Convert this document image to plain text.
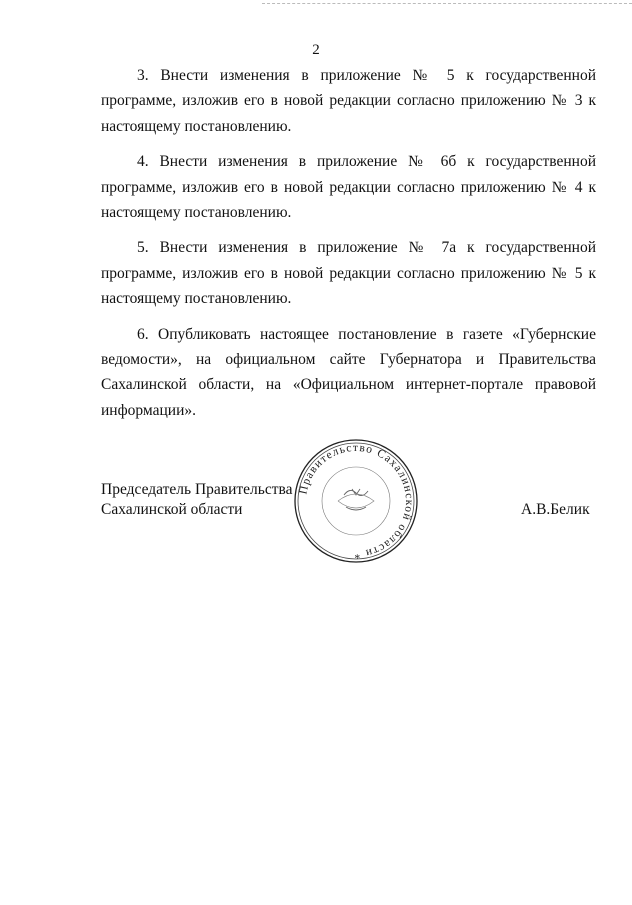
2

3. Внести изменения в приложение № 5 к государственной программе, изложив его в новой редакции согласно приложению № 3 к настоящему постановлению.

4. Внести изменения в приложение № 6б к государственной программе, изложив его в новой редакции согласно приложению № 4 к настоящему постановлению.

5. Внести изменения в приложение № 7а к государственной программе, изложив его в новой редакции согласно приложению № 5 к настоящему постановлению.

6. Опубликовать настоящее постановление в газете «Губернские ведомости», на официальном сайте Губернатора и Правительства Сахалинской области, на «Официальном интернет-портале правовой информации».

Председатель Правительства
Сахалинской области	А.В.Белик
Правительство Сахалинской области *
